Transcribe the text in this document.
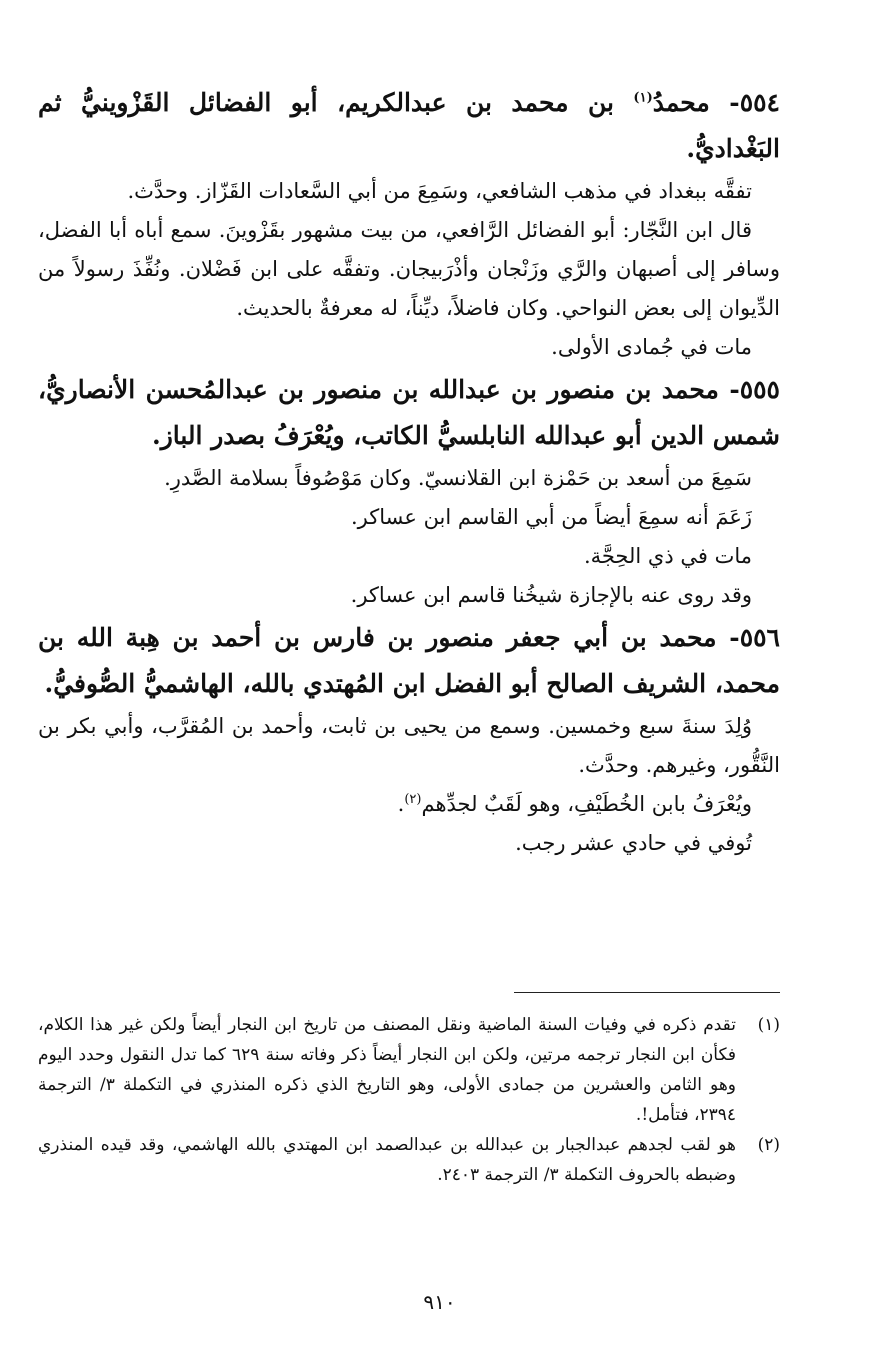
٥٥٤- محمدُ$^{(١)}$ بن محمد بن عبدالكريم، أبو الفضائل القَزْوينيُّ ثم البَغْداديُّ.

تفقَّه ببغداد في مذهب الشافعي، وسَمِعَ من أبي السَّعادات القَزّاز. وحدَّث.

قال ابن النَّجّار: أبو الفضائل الرَّافعي، من بيت مشهور بقَزْوينَ. سمع أباه أبا الفضل، وسافر إلى أصبهان والرَّي وزَنْجان وأذْرَبيجان. وتفقَّه على ابن فَضْلان. ونُفِّذَ رسولاً من الدِّيوان إلى بعض النواحي. وكان فاضلاً، ديِّناً، له معرفةٌ بالحديث.

مات في جُمادى الأولى.

٥٥٥- محمد بن منصور بن عبدالله بن منصور بن عبدالمُحسن الأنصاريُّ، شمس الدين أبو عبدالله النابلسيُّ الكاتب، ويُعْرَفُ بصدر الباز.

سَمِعَ من أسعد بن حَمْزة ابن القلانسيّ. وكان مَوْصُوفاً بسلامة الصَّدرِ.

زَعَمَ أنه سمِعَ أيضاً من أبي القاسم ابن عساكر.

مات في ذي الحِجَّة.

وقد روى عنه بالإجازة شيخُنا قاسم ابن عساكر.

٥٥٦- محمد بن أبي جعفر منصور بن فارس بن أحمد بن هِبة الله بن محمد، الشريف الصالح أبو الفضل ابن المُهتدي بالله، الهاشميُّ الصُّوفيُّ.

وُلِدَ سنةَ سبع وخمسين. وسمع من يحيى بن ثابت، وأحمد بن المُقرَّب، وأبي بكر بن النَّقُّور، وغيرهم. وحدَّث.

ويُعْرَفُ بابن الخُطَيْفِ، وهو لَقَبٌ لجدِّهم$^{(٢)}$.

تُوفي في حادي عشر رجب.

(١)
تقدم ذكره في وفيات السنة الماضية ونقل المصنف من تاريخ ابن النجار أيضاً ولكن غير هذا الكلام، فكأن ابن النجار ترجمه مرتين، ولكن ابن النجار أيضاً ذكر وفاته سنة ٦٢٩ كما تدل النقول وحدد اليوم وهو الثامن والعشرين من جمادى الأولى، وهو التاريخ الذي ذكره المنذري في التكملة ٣/ الترجمة ٢٣٩٤، فتأمل!.
(٢)
هو لقب لجدهم عبدالجبار بن عبدالله بن عبدالصمد ابن المهتدي بالله الهاشمي، وقد قيده المنذري وضبطه بالحروف التكملة ٣/ الترجمة ٢٤٠٣.
٩١٠
